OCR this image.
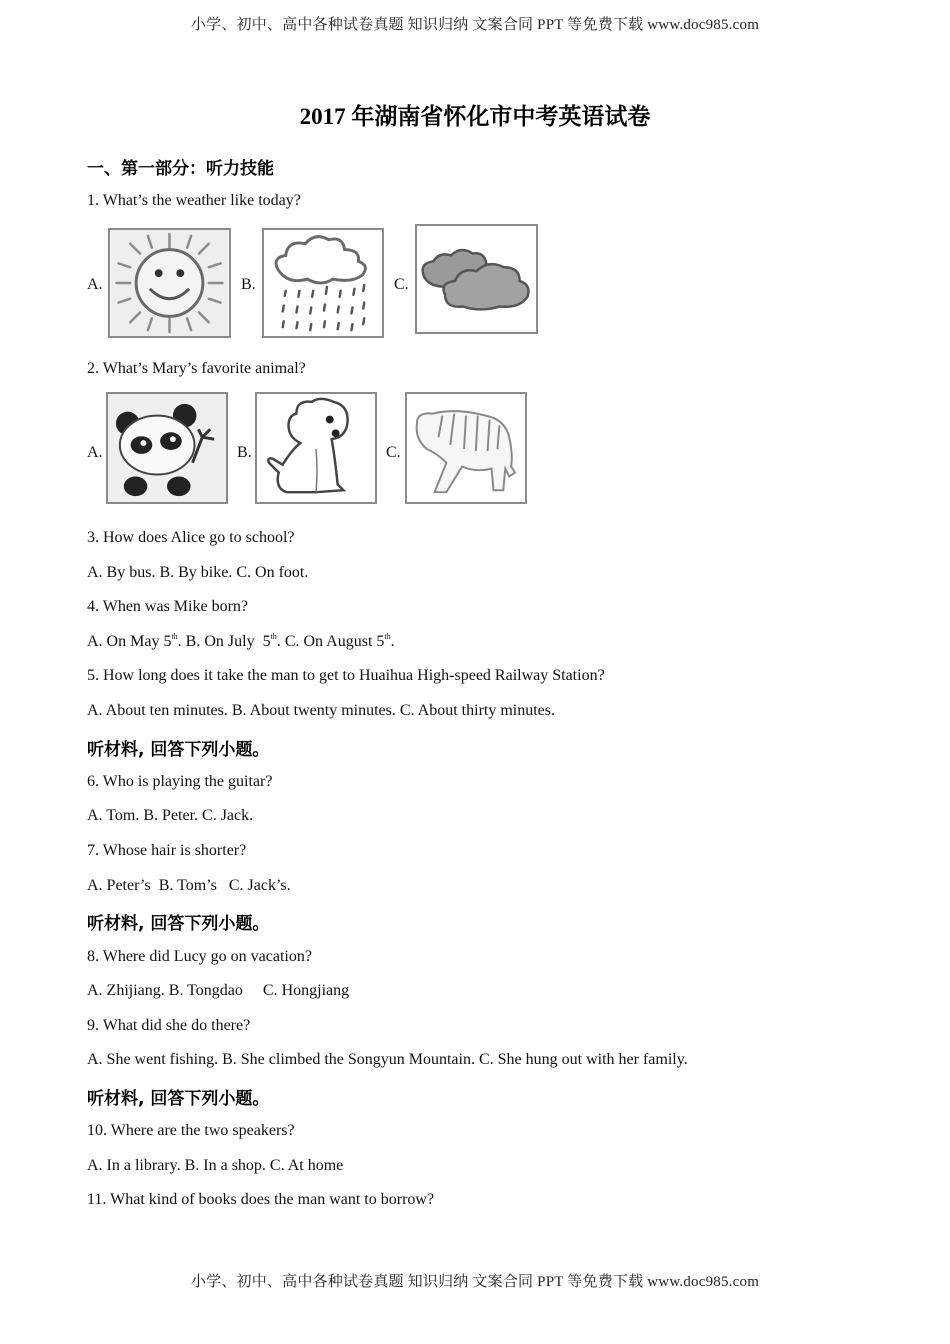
小学、初中、高中各种试卷真题 知识归纳 文案合同 PPT 等免费下载 www.doc985.com
2017 年湖南省怀化市中考英语试卷
一、第一部分：听力技能
1. What’s the weather like today?
A.	B.	C.
2. What’s Mary’s favorite animal?
A.	B.	C.
3. How does Alice go to school?
A. By bus. B. By bike. C. On foot.
4. When was Mike born?
A. On May 5th. B. On July  5th. C. On August 5th.
5. How long does it take the man to get to Huaihua High-speed Railway Station?
A. About ten minutes. B. About twenty minutes. C. About thirty minutes.
听材料, 回答下列小题。
6. Who is playing the guitar?
A. Tom. B. Peter. C. Jack.
7. Whose hair is shorter?
A. Peter’s  B. Tom’s   C. Jack’s.
听材料, 回答下列小题。
8. Where did Lucy go on vacation?
A. Zhijiang. B. Tongdao     C. Hongjiang
9. What did she do there?
A. She went fishing. B. She climbed the Songyun Mountain. C. She hung out with her family.
听材料, 回答下列小题。
10. Where are the two speakers?
A. In a library. B. In a shop. C. At home
11. What kind of books does the man want to borrow?
小学、初中、高中各种试卷真题 知识归纳 文案合同 PPT 等免费下载 www.doc985.com
